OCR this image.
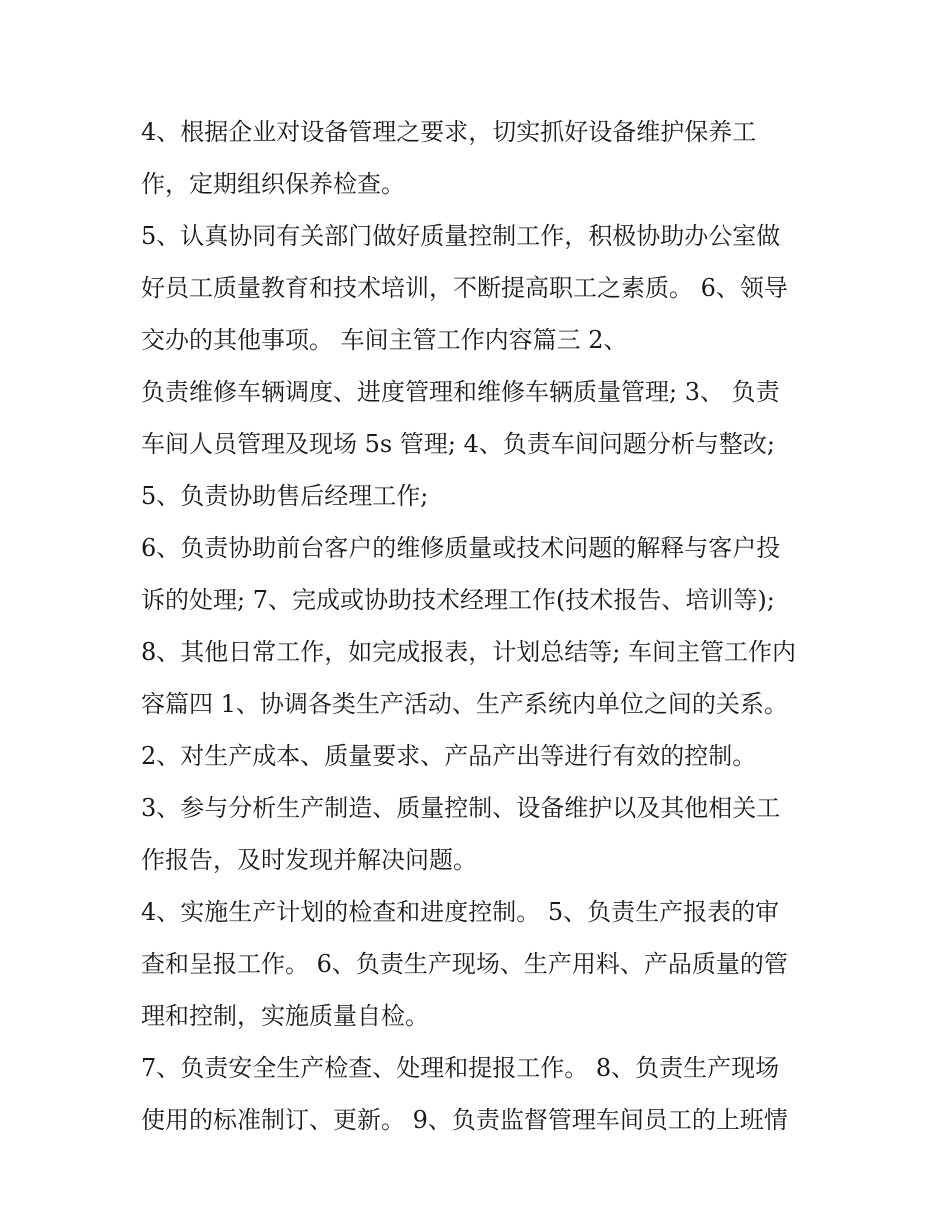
4、根据企业对设备管理之要求，切实抓好设备维护保养工
作，定期组织保养检查。
5、认真协同有关部门做好质量控制工作，积极协助办公室做
好员工质量教育和技术培训，不断提高职工之素质。 6、领导
交办的其他事项。 车间主管工作内容篇三 2、
负责维修车辆调度、进度管理和维修车辆质量管理; 3、 负责
车间人员管理及现场 5s 管理; 4、负责车间问题分析与整改;
5、负责协助售后经理工作;
6、负责协助前台客户的维修质量或技术问题的解释与客户投
诉的处理; 7、完成或协助技术经理工作(技术报告、培训等);
8、其他日常工作，如完成报表，计划总结等; 车间主管工作内
容篇四 1、协调各类生产活动、生产系统内单位之间的关系。
2、对生产成本、质量要求、产品产出等进行有效的控制。
3、参与分析生产制造、质量控制、设备维护以及其他相关工
作报告，及时发现并解决问题。
4、实施生产计划的检查和进度控制。 5、负责生产报表的审
查和呈报工作。 6、负责生产现场、生产用料、产品质量的管
理和控制，实施质量自检。
7、负责安全生产检查、处理和提报工作。 8、负责生产现场
使用的标准制订、更新。 9、负责监督管理车间员工的上班情
